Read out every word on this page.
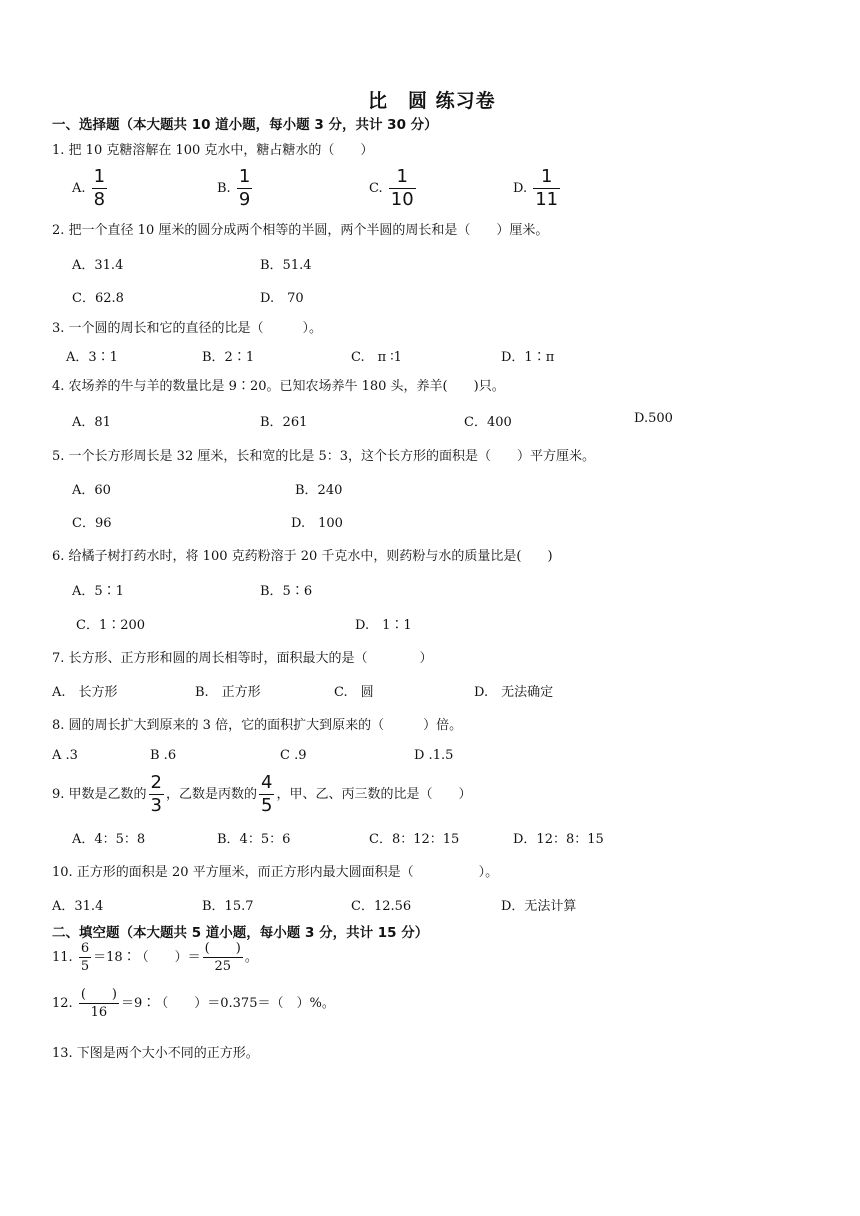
比　圆 练习卷
一、选择题（本大题共 10 道小题，每小题 3 分，共计 30 分）
1. 把 10 克糖溶解在 100 克水中，糖占糖水的（　　）
A. $\frac{1}{8}$	B. $\frac{1}{9}$	C. $\frac{1}{10}$	D. $\frac{1}{11}$
2. 把一个直径 10 厘米的圆分成两个相等的半圆，两个半圆的周长和是（　　）厘米。
A．31.4	B．51.4
C．62.8	D.　70
3. 一个圆的周长和它的直径的比是（　　　）。
A．3∶1	B．2∶1	C.　π ∶1	D．1∶π
4. 农场养的牛与羊的数量比是 9∶20。已知农场养牛 180 头，养羊(　　)只。
A．81	B．261	C．400	D.500
5. 一个长方形周长是 32 厘米，长和宽的比是 5：3，这个长方形的面积是（　　）平方厘米。
A．60	B．240
C．96	D.　100
6. 给橘子树打药水时，将 100 克药粉溶于 20 千克水中，则药粉与水的质量比是(　　)
A．5∶1	B．5∶6
C．1∶200	D.　1∶1
7. 长方形、正方形和圆的周长相等时，面积最大的是（　　　　）
A.　长方形	B.　正方形	C.　圆	D.　无法确定
8. 圆的周长扩大到原来的 3 倍，它的面积扩大到原来的（　　　）倍。
A .3	B .6	C .9	D .1.5
9. 甲数是乙数的 $\frac{2}{3}$ ，乙数是丙数的 $\frac{4}{5}$ ，甲、乙、丙三数的比是（　　）
A．4：5：8	B．4：5：6	C．8：12：15	D．12：8：15
10. 正方形的面积是 20 平方厘米，而正方形内最大圆面积是（　　　　　）。
A．31.4	B．15.7	C．12.56	D．无法计算
二、填空题（本大题共 5 道小题，每小题 3 分，共计 15 分）
11. $\frac{6}{5}$ ＝18∶（　　）＝ $\frac{( )}{25}$ 。
12. $\frac{( )}{16}$ ＝9∶（　　）＝0.375＝（　）%。
13. 下图是两个大小不同的正方形。
